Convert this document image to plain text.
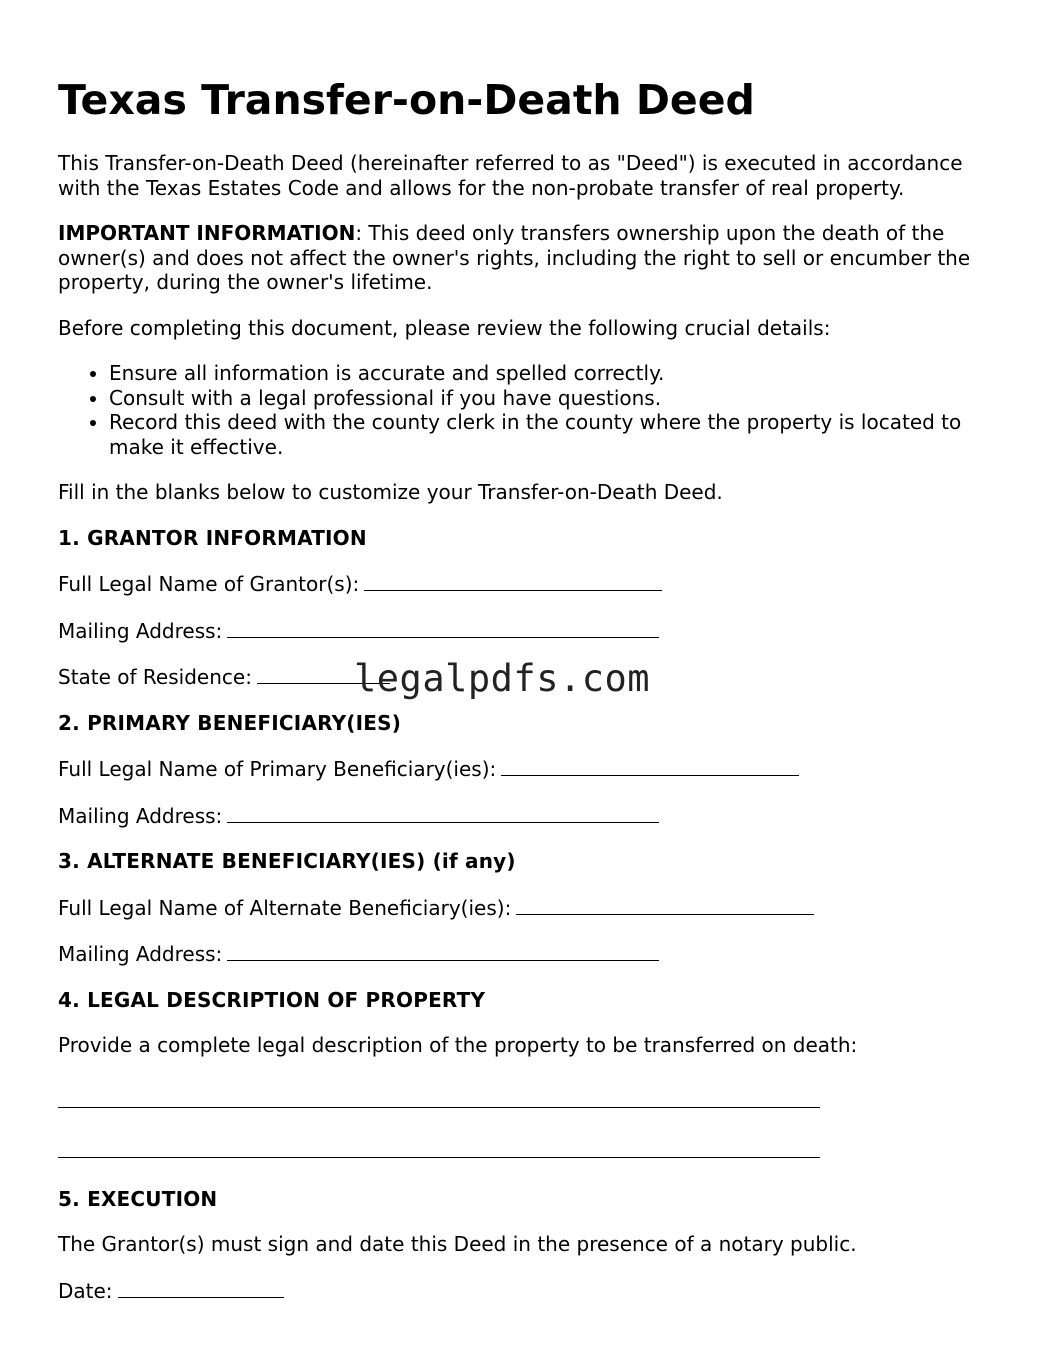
Texas Transfer-on-Death Deed

This Transfer-on-Death Deed (hereinafter referred to as "Deed") is executed in accordance with the Texas Estates Code and allows for the non-probate transfer of real property.

IMPORTANT INFORMATION: This deed only transfers ownership upon the death of the owner(s) and does not affect the owner's rights, including the right to sell or encumber the property, during the owner's lifetime.

Before completing this document, please review the following crucial details:

• Ensure all information is accurate and spelled correctly.
• Consult with a legal professional if you have questions.
• Record this deed with the county clerk in the county where the property is located to make it effective.

Fill in the blanks below to customize your Transfer-on-Death Deed.

1. GRANTOR INFORMATION
Full Legal Name of Grantor(s):
Mailing Address:
State of Residence:
2. PRIMARY BENEFICIARY(IES)
Full Legal Name of Primary Beneficiary(ies):
Mailing Address:
3. ALTERNATE BENEFICIARY(IES) (if any)
Full Legal Name of Alternate Beneficiary(ies):
Mailing Address:
4. LEGAL DESCRIPTION OF PROPERTY

Provide a complete legal description of the property to be transferred on death:

5. EXECUTION

The Grantor(s) must sign and date this Deed in the presence of a notary public.

Date:
legalpdfs.com
